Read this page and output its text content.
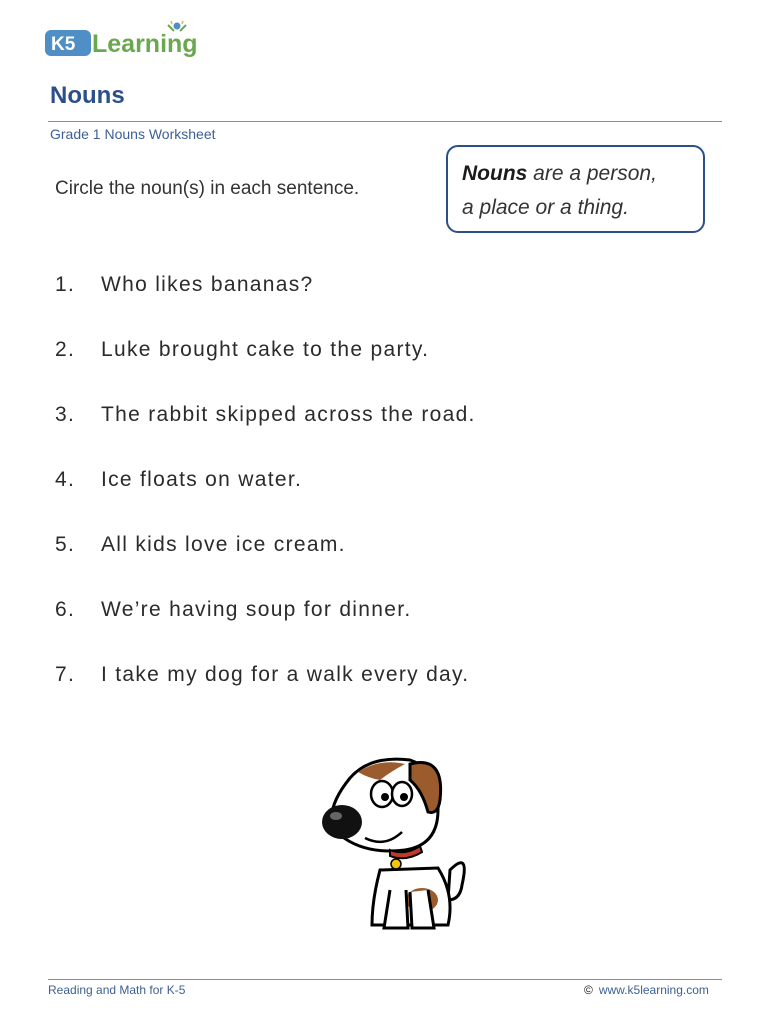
K5 Learning
Nouns
Grade 1 Nouns Worksheet
Circle the noun(s) in each sentence.
Nouns are a person,
a place or a thing.
1. Who likes bananas?
2. Luke brought cake to the party.
3. The rabbit skipped across the road.
4. Ice floats on water.
5. All kids love ice cream.
6. We’re having soup for dinner.
7. I take my dog for a walk every day.
Reading and Math for K-5	© www.k5learning.com
